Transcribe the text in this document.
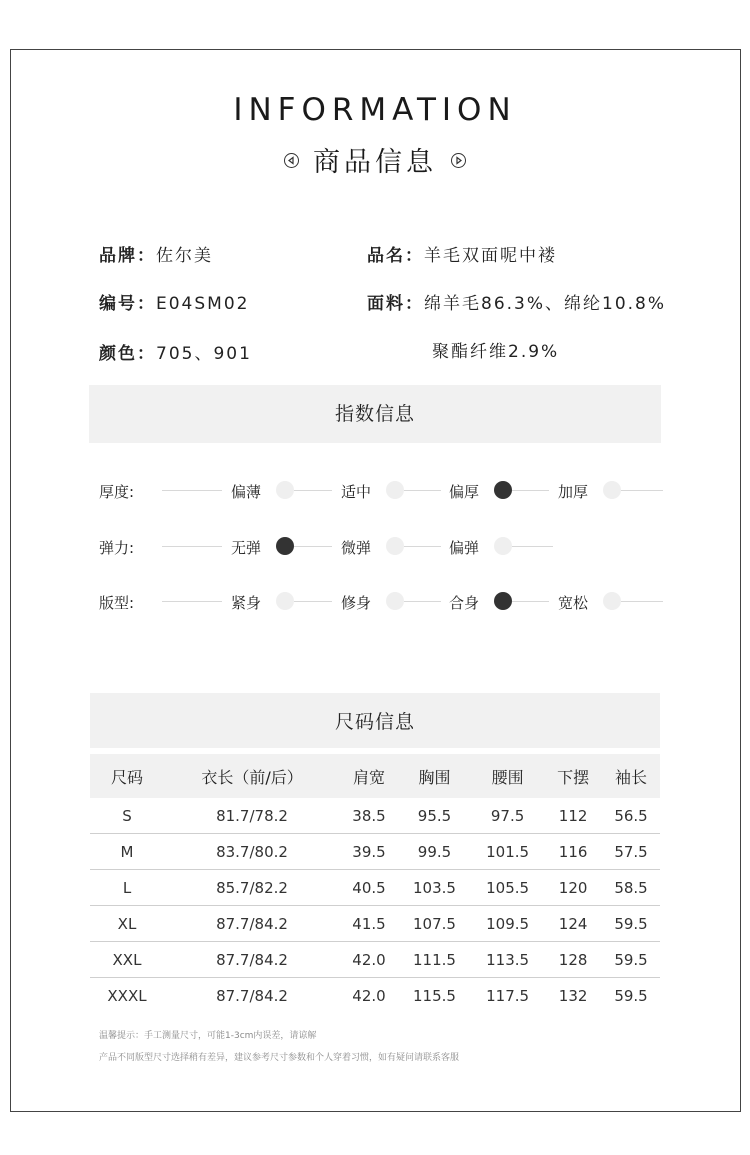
INFORMATION
商品信息
品牌：佐尔美	品名：羊毛双面呢中褛
编号：E04SM02	面料：绵羊毛86.3%、绵纶10.8%
聚酯纤维2.9%
颜色：705、901
指数信息
厚度:	偏薄	适中	偏厚	加厚
弹力:	无弹	微弹	偏弹
版型:	紧身	修身	合身	宽松
尺码信息
尺码	衣长（前/后）	肩宽	胸围	腰围	下摆	袖长
S	81.7/78.2	38.5	95.5	97.5	112	56.5
M	83.7/80.2	39.5	99.5	101.5	116	57.5
L	85.7/82.2	40.5	103.5	105.5	120	58.5
XL	87.7/84.2	41.5	107.5	109.5	124	59.5
XXL	87.7/84.2	42.0	111.5	113.5	128	59.5
XXXL	87.7/84.2	42.0	115.5	117.5	132	59.5
温馨提示：手工测量尺寸，可能1-3cm内误差，请谅解
产品不同版型尺寸选择稍有差异，建议参考尺寸参数和个人穿着习惯，如有疑问请联系客服
